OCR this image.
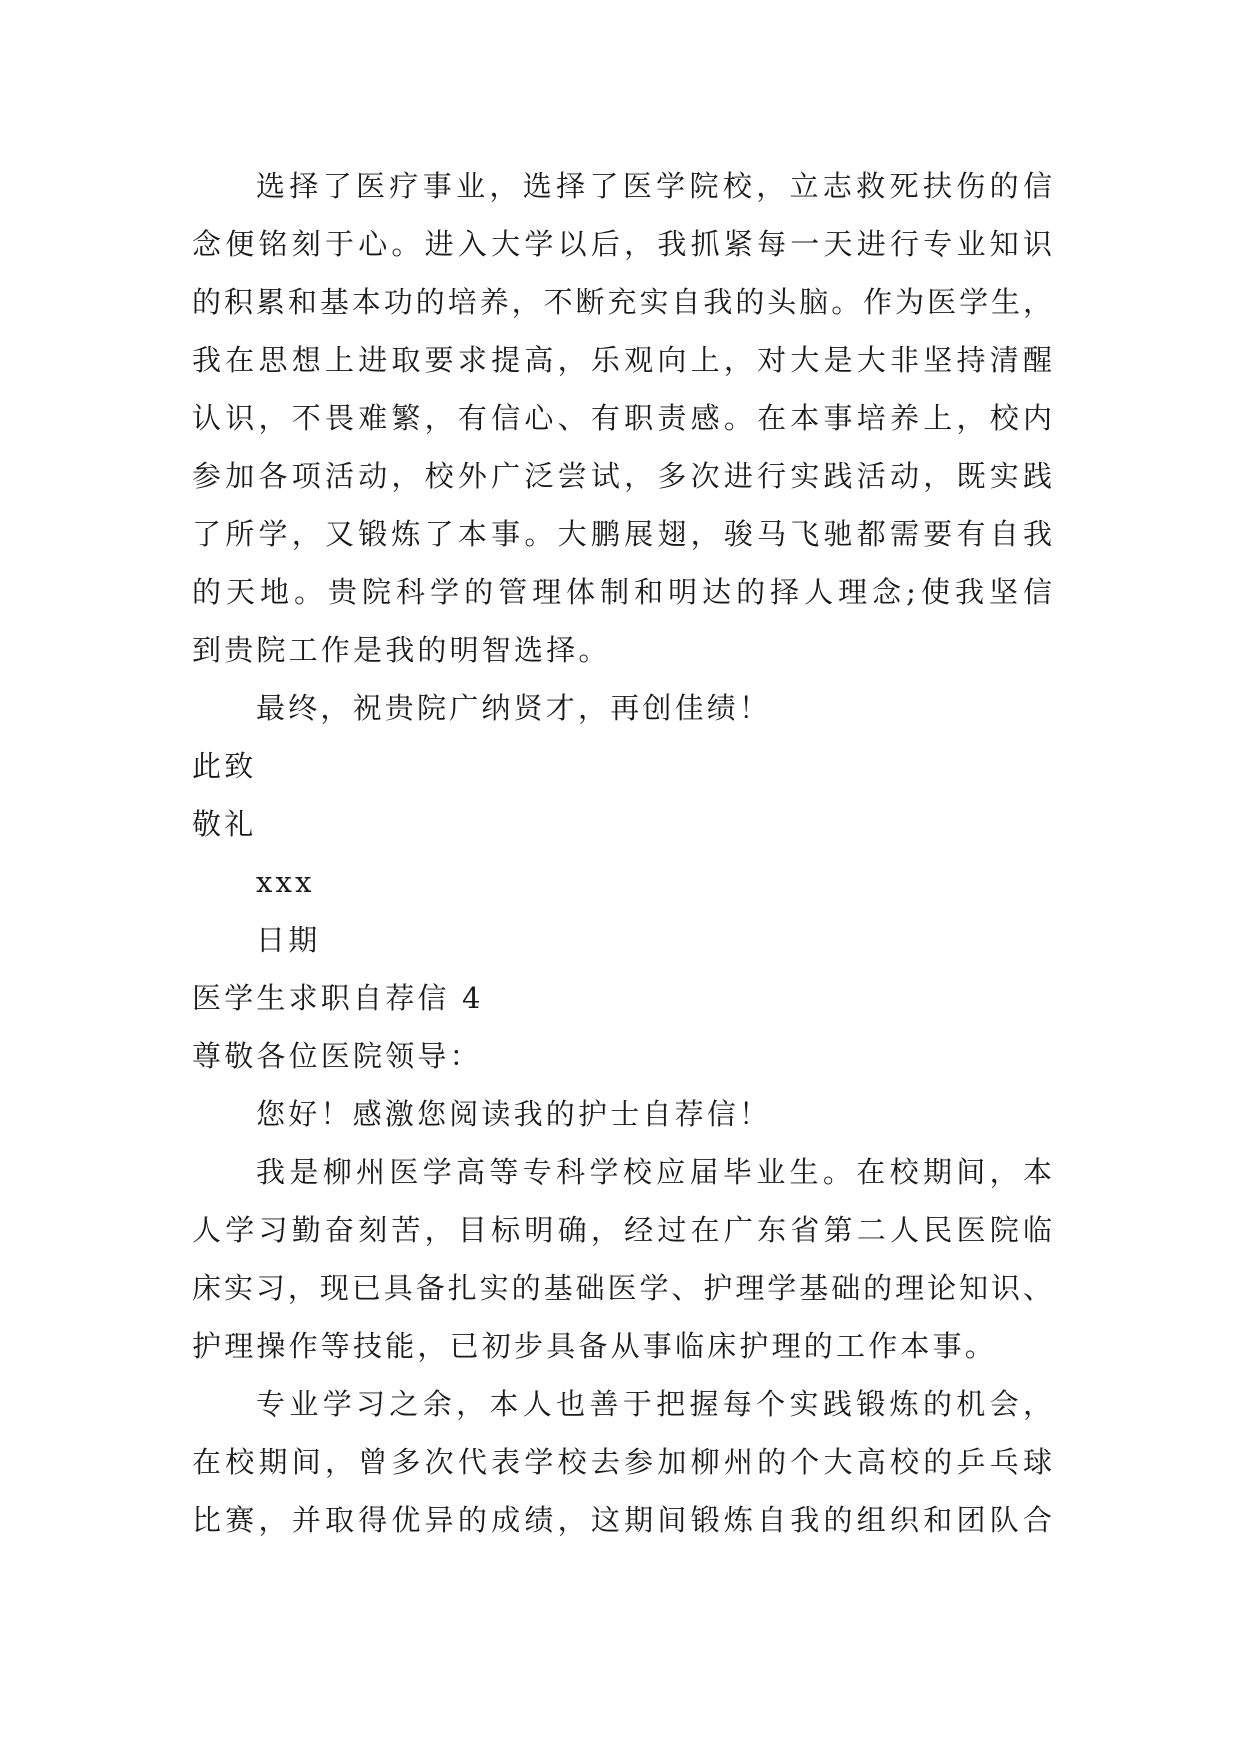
选择了医疗事业，选择了医学院校，立志救死扶伤的信
念便铭刻于心。进入大学以后，我抓紧每一天进行专业知识
的积累和基本功的培养，不断充实自我的头脑。作为医学生，
我在思想上进取要求提高，乐观向上，对大是大非坚持清醒
认识，不畏难繁，有信心、有职责感。在本事培养上，校内
参加各项活动，校外广泛尝试，多次进行实践活动，既实践
了所学，又锻炼了本事。大鹏展翅，骏马飞驰都需要有自我
的天地。贵院科学的管理体制和明达的择人理念;使我坚信
到贵院工作是我的明智选择。
最终，祝贵院广纳贤才，再创佳绩！
此致
敬礼
xxx
日期
医学生求职自荐信 4
尊敬各位医院领导：
您好！感激您阅读我的护士自荐信！
我是柳州医学高等专科学校应届毕业生。在校期间，本
人学习勤奋刻苦，目标明确，经过在广东省第二人民医院临
床实习，现已具备扎实的基础医学、护理学基础的理论知识、
护理操作等技能，已初步具备从事临床护理的工作本事。
专业学习之余，本人也善于把握每个实践锻炼的机会，
在校期间，曾多次代表学校去参加柳州的个大高校的乒乓球
比赛，并取得优异的成绩，这期间锻炼自我的组织和团队合
